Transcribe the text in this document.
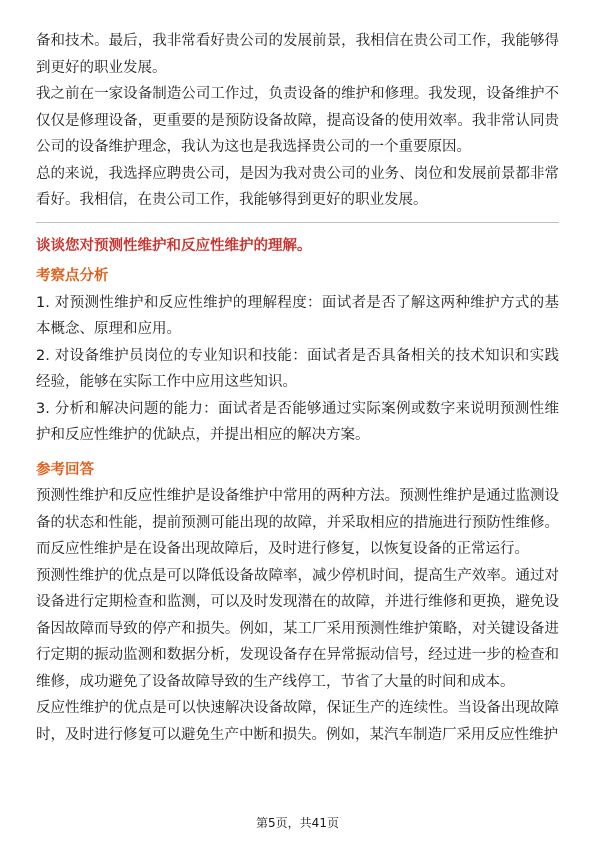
备和技术。最后，我非常看好贵公司的发展前景，我相信在贵公司工作，我能够得到更好的职业发展。

我之前在一家设备制造公司工作过，负责设备的维护和修理。我发现，设备维护不仅仅是修理设备，更重要的是预防设备故障，提高设备的使用效率。我非常认同贵公司的设备维护理念，我认为这也是我选择贵公司的一个重要原因。

总的来说，我选择应聘贵公司，是因为我对贵公司的业务、岗位和发展前景都非常看好。我相信，在贵公司工作，我能够得到更好的职业发展。

谈谈您对预测性维护和反应性维护的理解。

考察点分析

1. 对预测性维护和反应性维护的理解程度：面试者是否了解这两种维护方式的基本概念、原理和应用。

2. 对设备维护员岗位的专业知识和技能：面试者是否具备相关的技术知识和实践经验，能够在实际工作中应用这些知识。

3. 分析和解决问题的能力：面试者是否能够通过实际案例或数字来说明预测性维护和反应性维护的优缺点，并提出相应的解决方案。

参考回答

预测性维护和反应性维护是设备维护中常用的两种方法。预测性维护是通过监测设备的状态和性能，提前预测可能出现的故障，并采取相应的措施进行预防性维修。而反应性维护是在设备出现故障后，及时进行修复，以恢复设备的正常运行。

预测性维护的优点是可以降低设备故障率，减少停机时间，提高生产效率。通过对设备进行定期检查和监测，可以及时发现潜在的故障，并进行维修和更换，避免设备因故障而导致的停产和损失。例如，某工厂采用预测性维护策略，对关键设备进行定期的振动监测和数据分析，发现设备存在异常振动信号，经过进一步的检查和维修，成功避免了设备故障导致的生产线停工，节省了大量的时间和成本。

反应性维护的优点是可以快速解决设备故障，保证生产的连续性。当设备出现故障时，及时进行修复可以避免生产中断和损失。例如，某汽车制造厂采用反应性维护

第5页，共41页
